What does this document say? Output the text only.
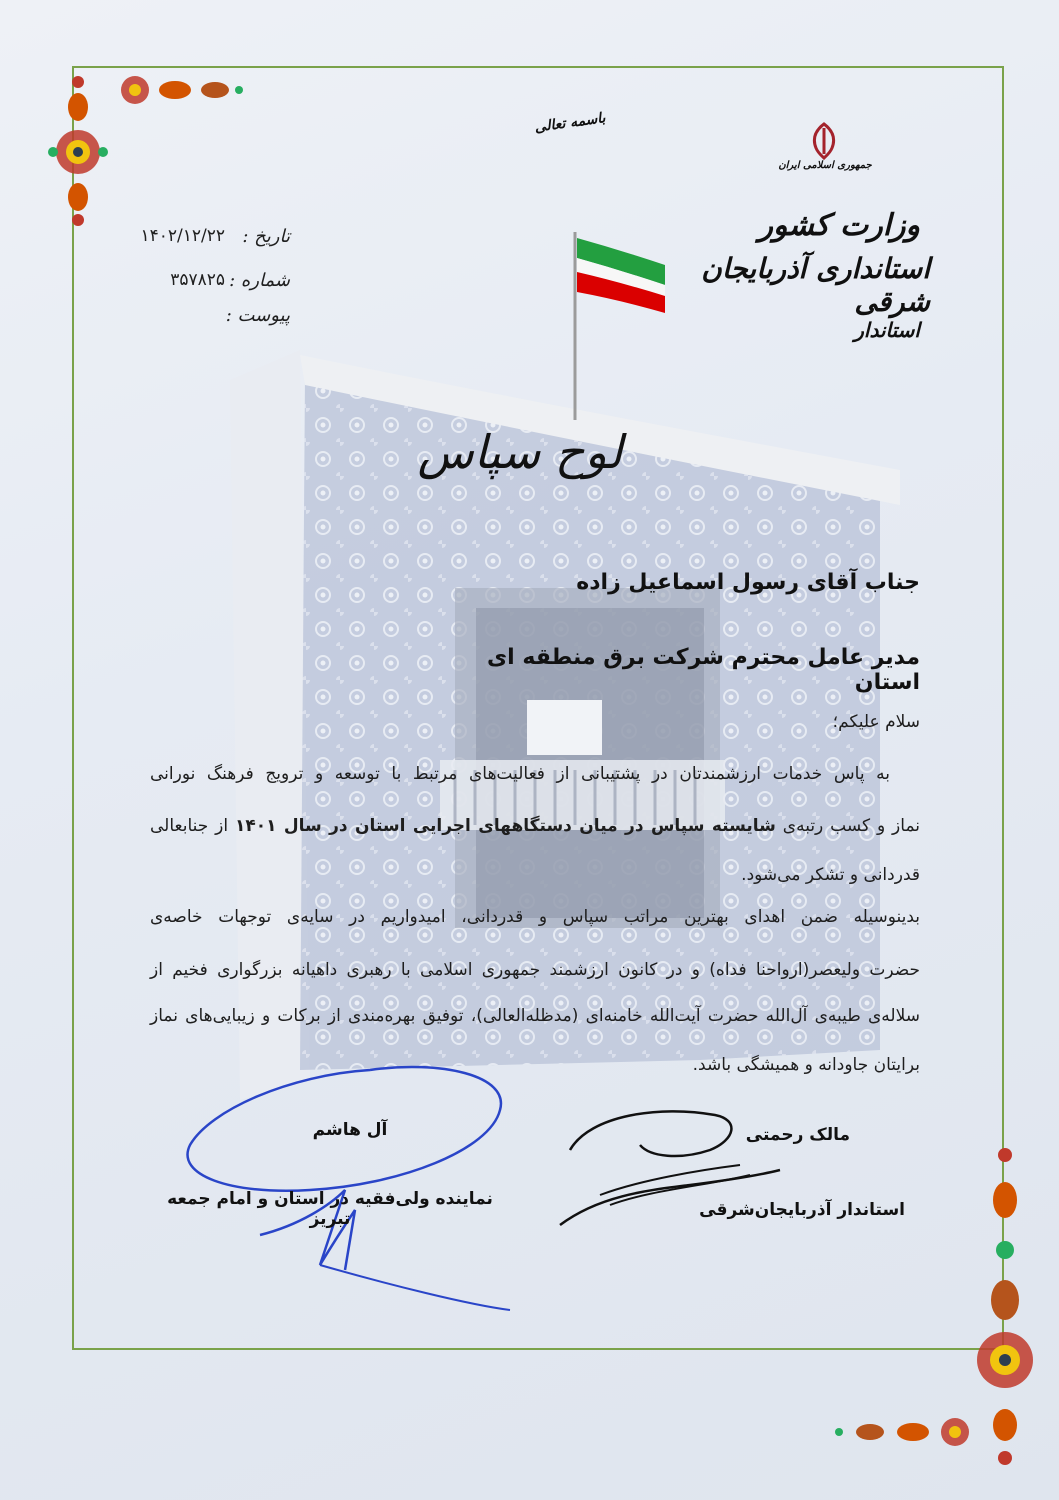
جمهوری اسلامی ایران
باسمه تعالی
وزارت کشور
استانداری آذربایجان شرقی
استاندار
تاریخ :
۱۴۰۲/۱۲/۲۲
شماره :
۳۵۷۸۲۵
پیوست :
لوح سپاس
جناب آقای رسول اسماعیل زاده
مدیر عامل محترم شرکت برق منطقه ای استان
سلام علیکم؛
به پاس خدمات ارزشمندتان در پشتیبانی از فعالیت‌های مرتبط با توسعه و ترویج فرهنگ نورانی
نماز و کسب رتبه‌ی شایسته سپاس در میان دستگاههای اجرایی استان در سال ۱۴۰۱ از جنابعالی
قدردانی و تشکر می‌شود.
بدینوسیله ضمن اهدای بهترین مراتب سپاس و قدردانی، امیدواریم در سایه‌ی توجهات خاصه‌ی
حضرت ولیعصر(ارواحنا فداه) و در کانون ارزشمند جمهوری اسلامی با رهبری داهیانه بزرگواری فخیم از
سلاله‌ی طیبه‌ی آل‌الله حضرت آیت‌الله خامنه‌ای (مدظله‌العالی)، توفیق بهره‌مندی از برکات و زیبایی‌های نماز
برایتان جاودانه و همیشگی باشد.
مالک رحمتی
استاندار آذربایجان‌شرقی
آل هاشم
نماینده ولی‌فقیه در استان و امام جمعه تبریز
